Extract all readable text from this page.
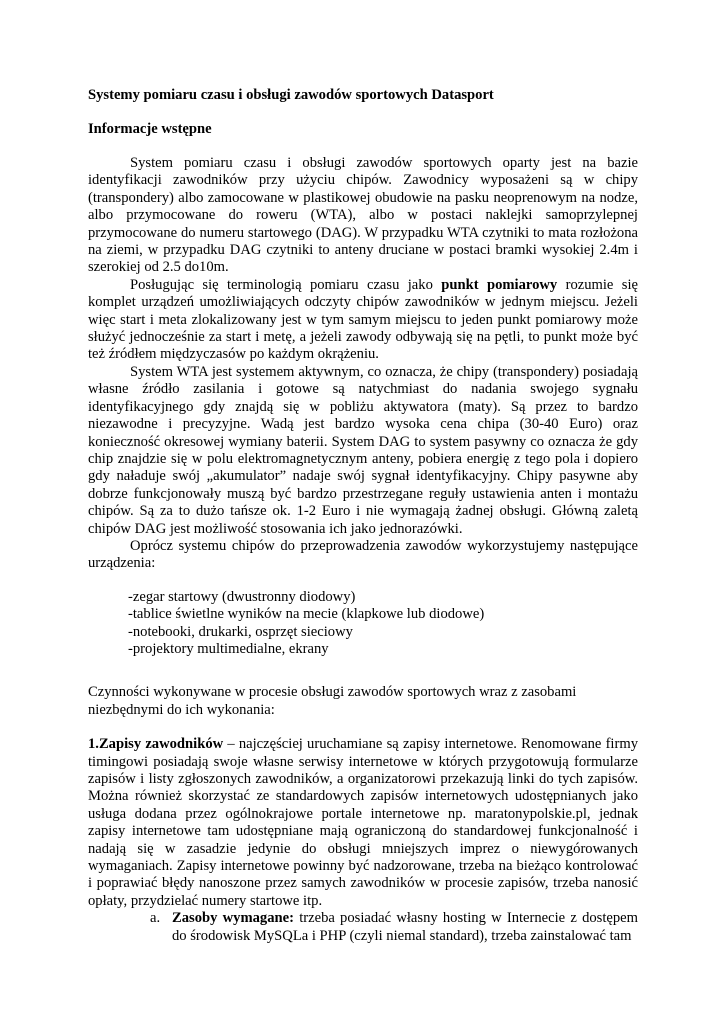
Systemy pomiaru czasu i obsługi zawodów sportowych Datasport
Informacje wstępne

System pomiaru czasu i obsługi zawodów sportowych oparty jest na bazie identyfikacji zawodników przy użyciu chipów. Zawodnicy wyposażeni są w chipy (transpondery) albo zamocowane w plastikowej obudowie na pasku neoprenowym na nodze, albo przymocowane do roweru (WTA), albo w postaci naklejki samoprzylepnej przymocowane do numeru startowego (DAG). W przypadku WTA czytniki to mata rozłożona na ziemi, w przypadku DAG czytniki to anteny druciane w postaci bramki wysokiej 2.4m i szerokiej od 2.5 do10m.

Posługując się terminologią pomiaru czasu jako punkt pomiarowy rozumie się komplet urządzeń umożliwiających odczyty chipów zawodników w jednym miejscu. Jeżeli więc start i meta zlokalizowany jest w tym samym miejscu to jeden punkt pomiarowy może służyć jednocześnie za start i metę, a jeżeli zawody odbywają się na pętli, to punkt może być też źródłem międzyczasów po każdym okrążeniu.

System WTA jest systemem aktywnym, co oznacza, że chipy (transpondery) posiadają własne źródło zasilania i gotowe są natychmiast do nadania swojego sygnału identyfikacyjnego gdy znajdą się w pobliżu aktywatora (maty). Są przez to bardzo niezawodne i precyzyjne. Wadą jest bardzo wysoka cena chipa (30-40 Euro) oraz konieczność okresowej wymiany baterii. System DAG to system pasywny co oznacza że gdy chip znajdzie się w polu elektromagnetycznym anteny, pobiera energię z tego pola i dopiero gdy naładuje swój „akumulator” nadaje swój sygnał identyfikacyjny. Chipy pasywne aby dobrze funkcjonowały muszą być bardzo przestrzegane reguły ustawienia anten i montażu chipów. Są za to dużo tańsze ok. 1-2 Euro i nie wymagają żadnej obsługi. Główną zaletą chipów DAG jest możliwość stosowania ich jako jednorazówki.

Oprócz systemu chipów do przeprowadzenia zawodów wykorzystujemy następujące urządzenia:

-zegar startowy (dwustronny diodowy)
-tablice świetlne wyników na mecie (klapkowe lub diodowe)
-notebooki, drukarki, osprzęt sieciowy
-projektory multimedialne, ekrany

Czynności wykonywane w procesie obsługi zawodów sportowych wraz z zasobami niezbędnymi do ich wykonania:

1.Zapisy zawodników – najczęściej uruchamiane są zapisy internetowe. Renomowane firmy timingowi posiadają swoje własne serwisy internetowe w których przygotowują formularze zapisów i listy zgłoszonych zawodników, a organizatorowi przekazują linki do tych zapisów. Można również skorzystać ze standardowych zapisów internetowych udostępnianych jako usługa dodana przez ogólnokrajowe portale internetowe np. maratonypolskie.pl, jednak zapisy internetowe tam udostępniane mają ograniczoną do standardowej funkcjonalność i nadają się w zasadzie jedynie do obsługi mniejszych imprez o niewygórowanych wymaganiach. Zapisy internetowe powinny być nadzorowane, trzeba na bieżąco kontrolować i poprawiać błędy nanoszone przez samych zawodników w procesie zapisów, trzeba nanosić opłaty, przydzielać numery startowe itp.

a. Zasoby wymagane: trzeba posiadać własny hosting w Internecie z dostępem do środowisk MySQLa i PHP (czyli niemal standard), trzeba zainstalować tam
